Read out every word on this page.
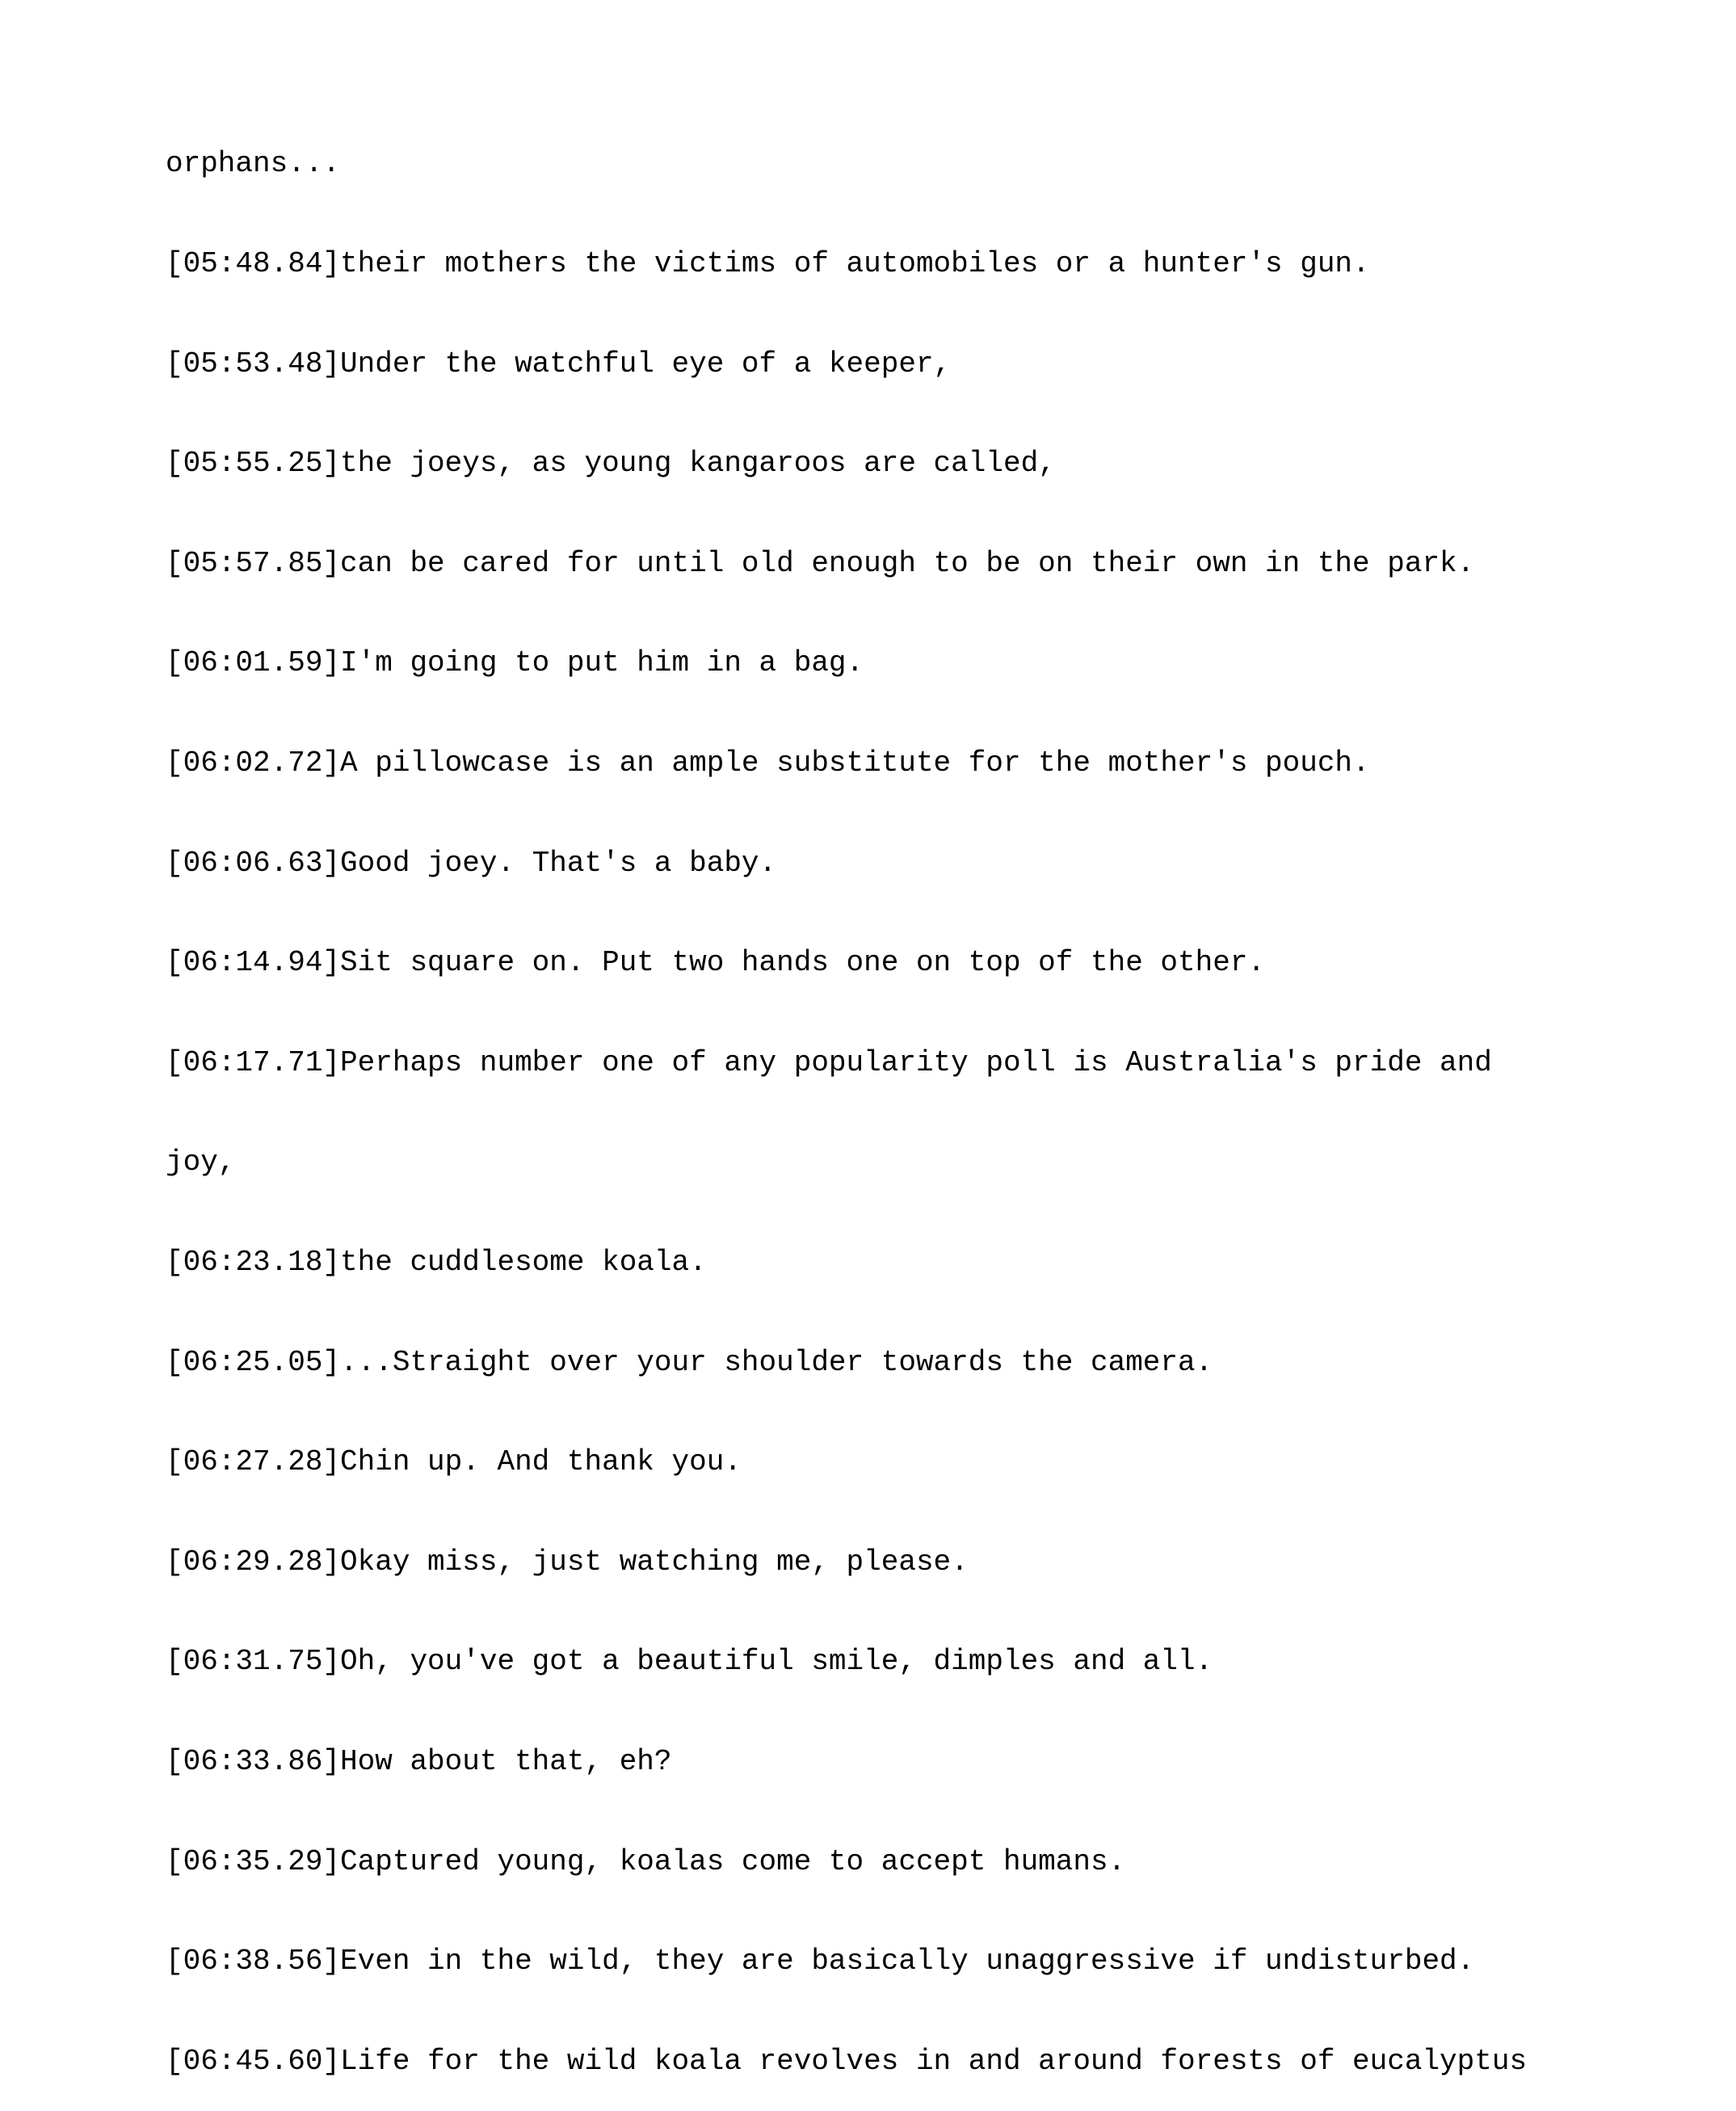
orphans...

[05:48.84]their mothers the victims of automobiles or a hunter's gun.

[05:53.48]Under the watchful eye of a keeper,

[05:55.25]the joeys, as young kangaroos are called,

[05:57.85]can be cared for until old enough to be on their own in the park.

[06:01.59]I'm going to put him in a bag.

[06:02.72]A pillowcase is an ample substitute for the mother's pouch.

[06:06.63]Good joey. That's a baby.

[06:14.94]Sit square on. Put two hands one on top of the other.

[06:17.71]Perhaps number one of any popularity poll is Australia's pride and

joy,

[06:23.18]the cuddlesome koala.

[06:25.05]...Straight over your shoulder towards the camera.

[06:27.28]Chin up. And thank you.

[06:29.28]Okay miss, just watching me, please.

[06:31.75]Oh, you've got a beautiful smile, dimples and all.

[06:33.86]How about that, eh?

[06:35.29]Captured young, koalas come to accept humans.

[06:38.56]Even in the wild, they are basically unaggressive if undisturbed.

[06:45.60]Life for the wild koala revolves in and around forests of eucalyptus
